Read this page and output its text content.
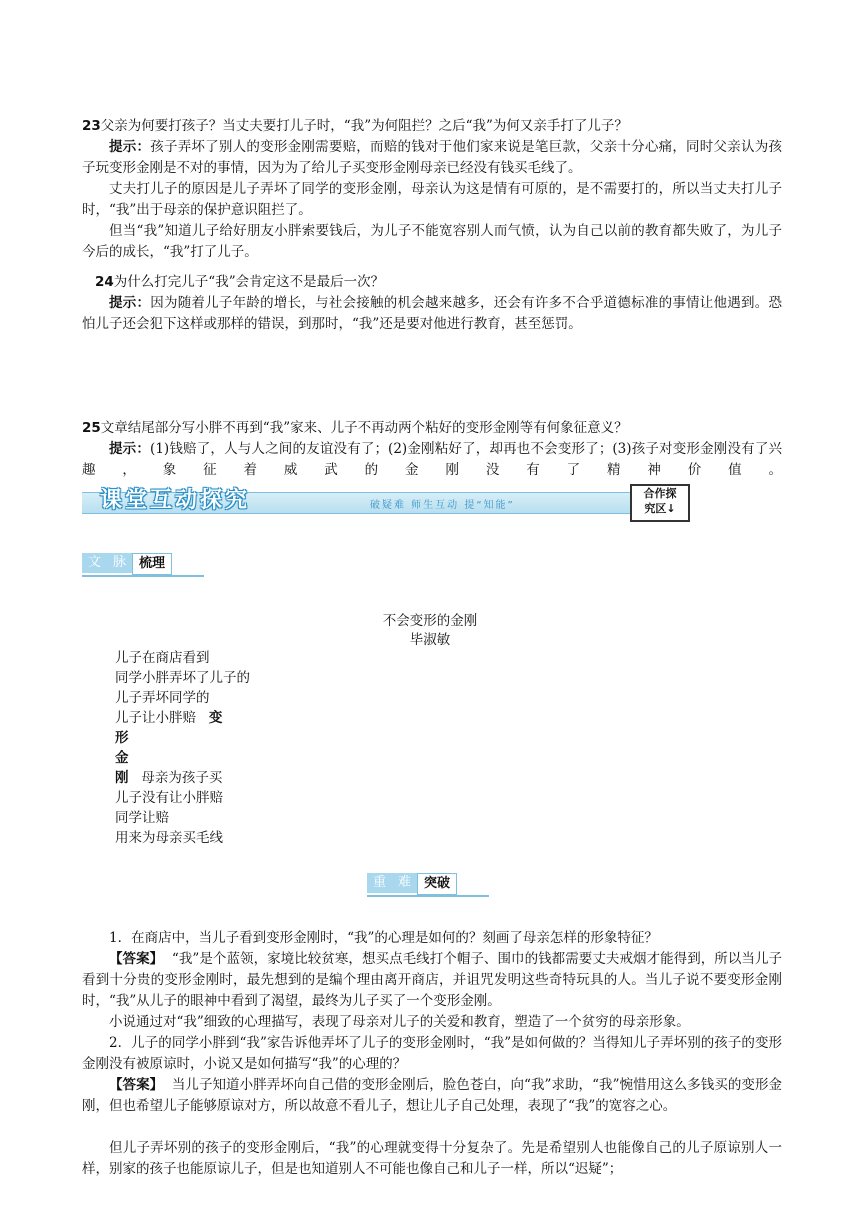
23父亲为何要打孩子？当丈夫要打儿子时，“我”为何阻拦？之后“我”为何又亲手打了儿子？
提示：孩子弄坏了别人的变形金刚需要赔，而赔的钱对于他们家来说是笔巨款，父亲十分心痛，同时父亲认为孩子玩变形金刚是不对的事情，因为为了给儿子买变形金刚母亲已经没有钱买毛线了。
丈夫打儿子的原因是儿子弄坏了同学的变形金刚，母亲认为这是情有可原的，是不需要打的，所以当丈夫打儿子时，“我”出于母亲的保护意识阻拦了。
但当“我”知道儿子给好朋友小胖索要钱后，为儿子不能宽容别人而气愤，认为自己以前的教育都失败了，为儿子今后的成长，“我”打了儿子。
24为什么打完儿子“我”会肯定这不是最后一次？
提示：因为随着儿子年龄的增长，与社会接触的机会越来越多，还会有许多不合乎道德标准的事情让他遇到。恐怕儿子还会犯下这样或那样的错误，到那时，“我”还是要对他进行教育，甚至惩罚。
25文章结尾部分写小胖不再到“我”家来、儿子不再动两个粘好的变形金刚等有何象征意义？
提示：(1)钱赔了，人与人之间的友谊没有了；(2)金刚粘好了，却再也不会变形了；(3)孩子对变形金刚没有了兴趣，象征着威武的金刚没有了精神价值。
课堂互动探究	破疑难 师生互动 提“知能”
合作探
究区↓
文 脉	梳理
不会变形的金刚
毕淑敏
儿子在商店看到
同学小胖弄坏了儿子的
儿子弄坏同学的
儿子让小胖赔 变
形
金
刚 母亲为孩子买
儿子没有让小胖赔
同学让赔
用来为母亲买毛线
重 难	突破
1．在商店中，当儿子看到变形金刚时，“我”的心理是如何的？刻画了母亲怎样的形象特征？
【答案】 “我”是个蓝领，家境比较贫寒，想买点毛线打个帽子、围巾的钱都需要丈夫戒烟才能得到，所以当儿子看到十分贵的变形金刚时，最先想到的是编个理由离开商店，并诅咒发明这些奇特玩具的人。当儿子说不要变形金刚时，“我”从儿子的眼神中看到了渴望，最终为儿子买了一个变形金刚。
小说通过对“我”细致的心理描写，表现了母亲对儿子的关爱和教育，塑造了一个贫穷的母亲形象。
2．儿子的同学小胖到“我”家告诉他弄坏了儿子的变形金刚时，“我”是如何做的？当得知儿子弄坏别的孩子的变形金刚没有被原谅时，小说又是如何描写“我”的心理的？
【答案】 当儿子知道小胖弄坏向自己借的变形金刚后，脸色苍白，向“我”求助，“我”惋惜用这么多钱买的变形金刚，但也希望儿子能够原谅对方，所以故意不看儿子，想让儿子自己处理，表现了“我”的宽容之心。
但儿子弄坏别的孩子的变形金刚后，“我”的心理就变得十分复杂了。先是希望别人也能像自己的儿子原谅别人一样，别家的孩子也能原谅儿子，但是也知道别人不可能也像自己和儿子一样，所以“迟疑”；
